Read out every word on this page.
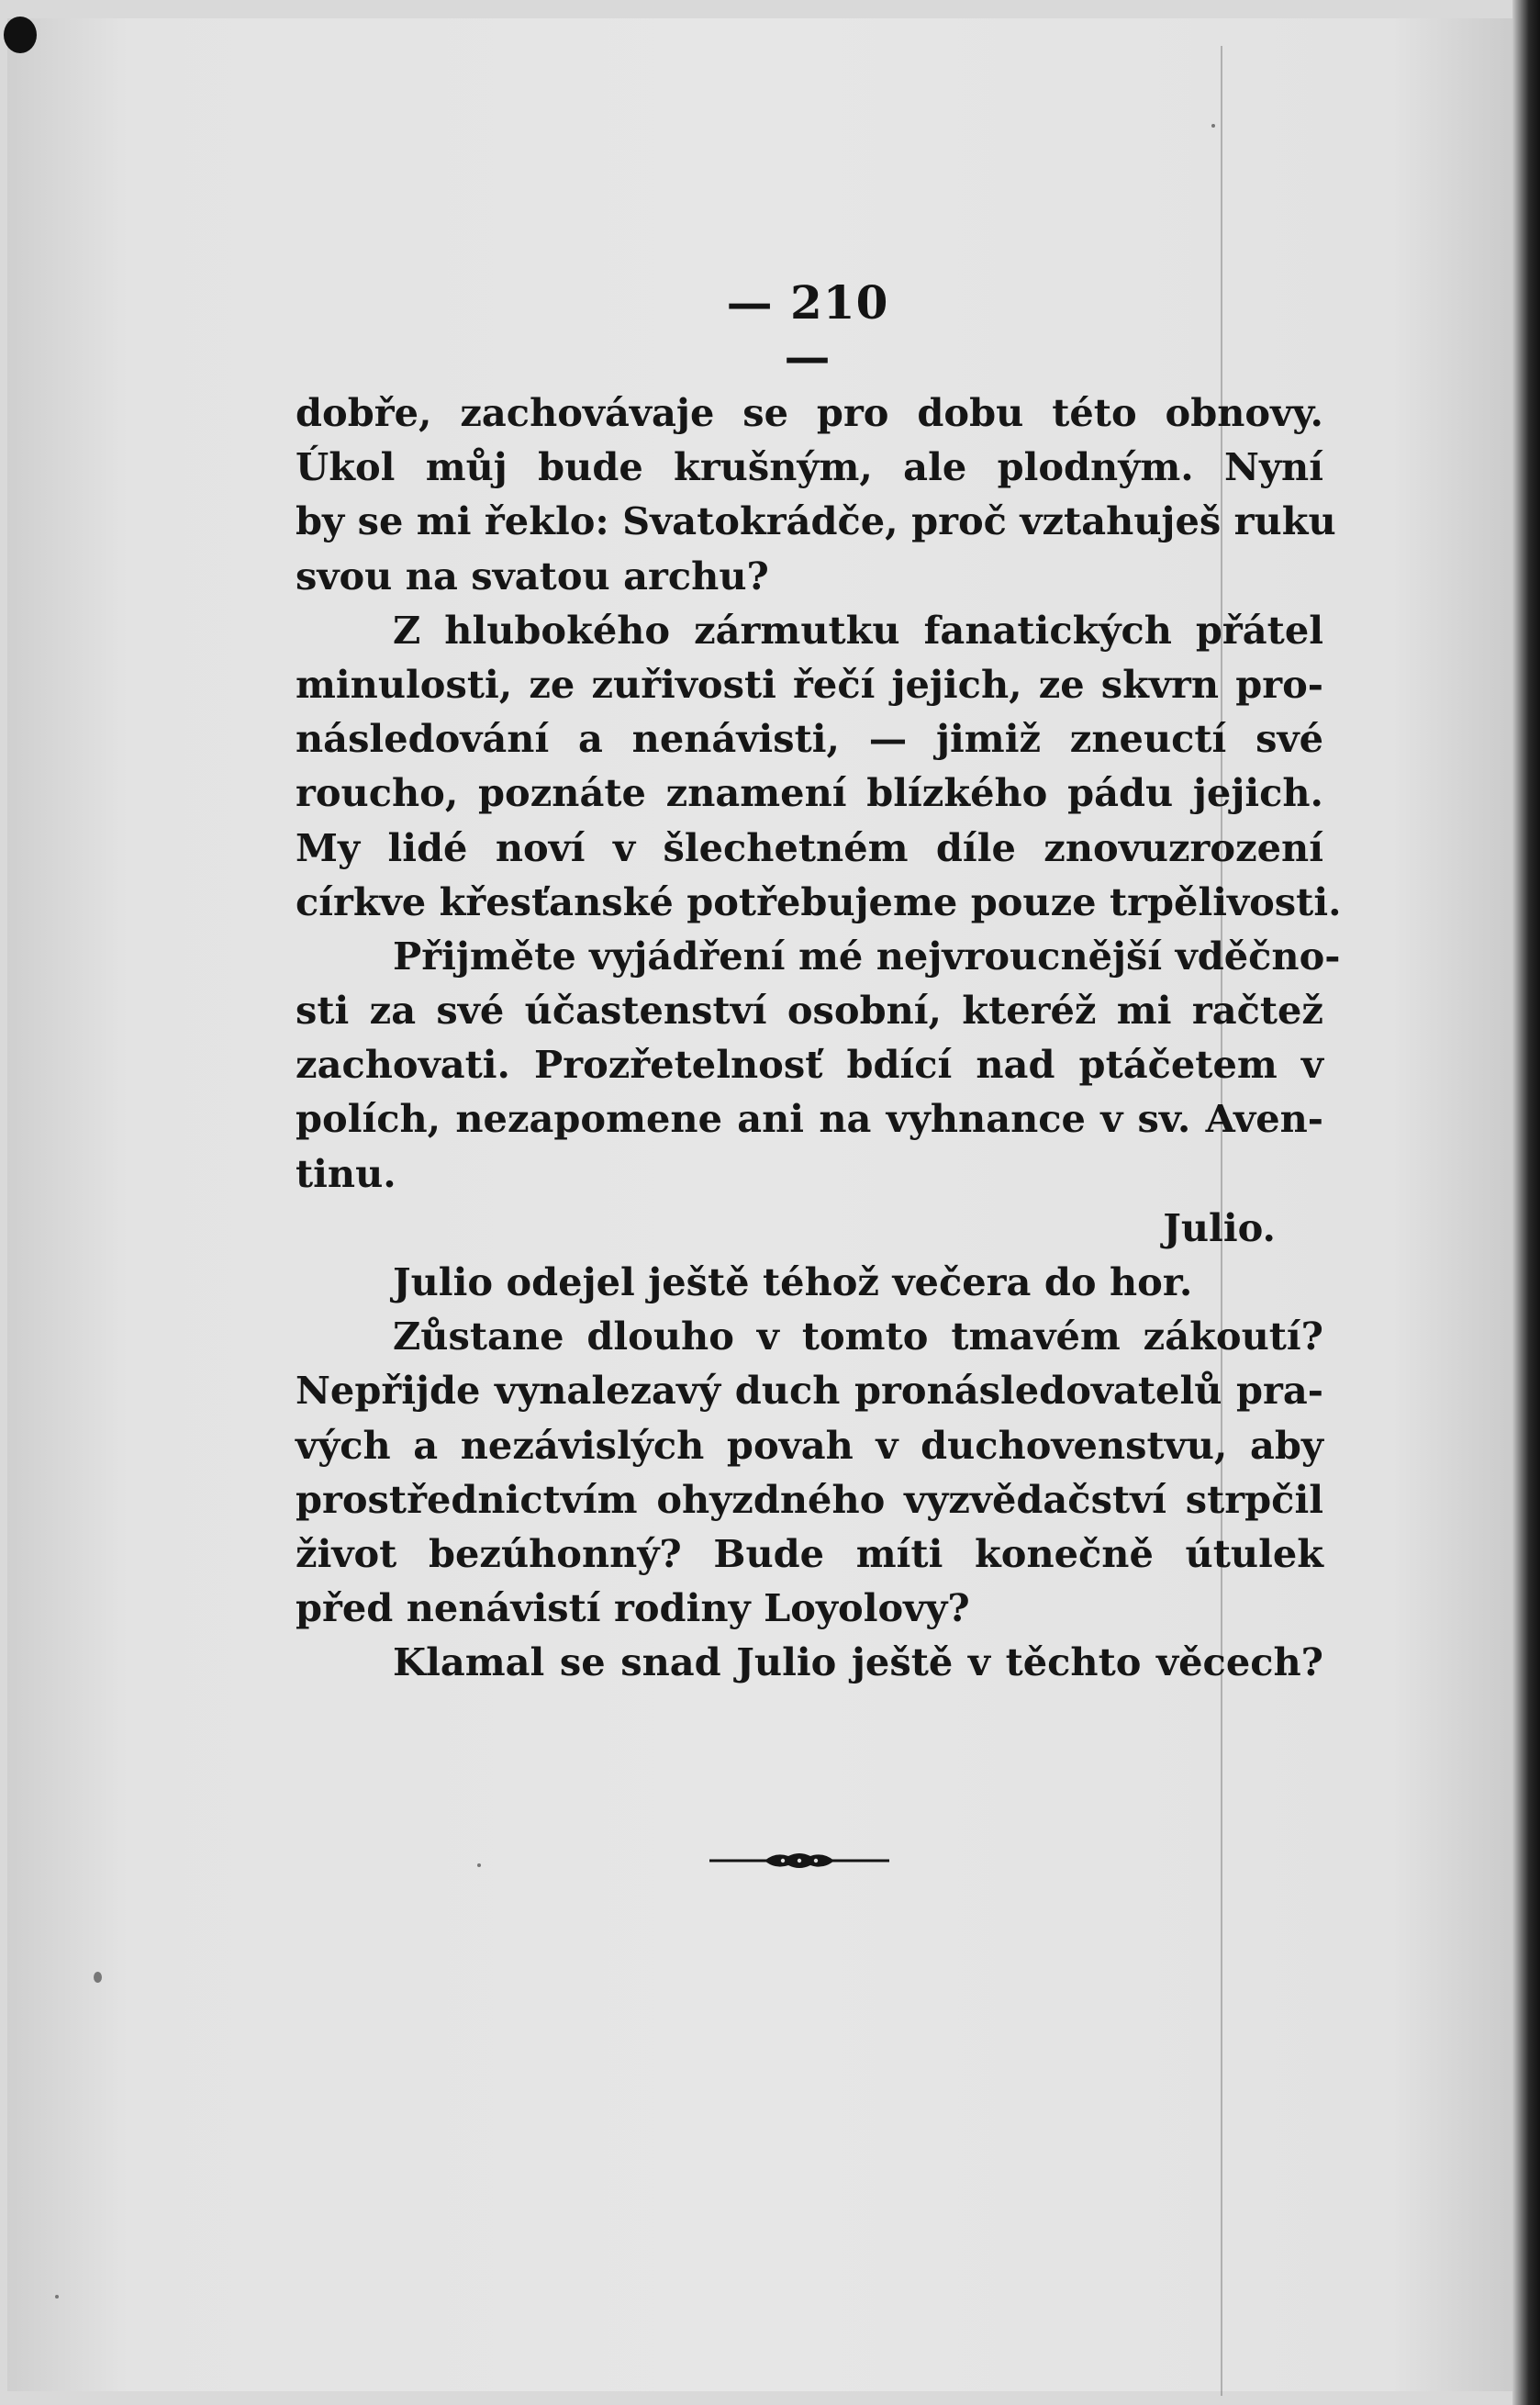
— 210 —
dobře, zachovávaje se pro dobu této obnovy.
Úkol můj bude krušným, ale plodným. Nyní
by se mi řeklo: Svatokrádče, proč vztahuješ ruku
svou na svatou archu?
Z hlubokého zármutku fanatických přátel
minulosti, ze zuřivosti řečí jejich, ze skvrn pro-
následování a nenávisti, — jimiž zneuctí své
roucho, poznáte znamení blízkého pádu jejich.
My lidé noví v šlechetném díle znovuzrození
církve křesťanské potřebujeme pouze trpělivosti.
Přijměte vyjádření mé nejvroucnější vděčno-
sti za své účastenství osobní, kteréž mi račtež
zachovati. Prozřetelnosť bdící nad ptáčetem v
polích, nezapomene ani na vyhnance v sv. Aven-
tinu.
Julio.
Julio odejel ještě téhož večera do hor.
Zůstane dlouho v tomto tmavém zákoutí?
Nepřijde vynalezavý duch pronásledovatelů pra-
vých a nezávislých povah v duchovenstvu, aby
prostřednictvím ohyzdného vyzvědačství strpčil
život bezúhonný? Bude míti konečně útulek
před nenávistí rodiny Loyolovy?
Klamal se snad Julio ještě v těchto věcech?
